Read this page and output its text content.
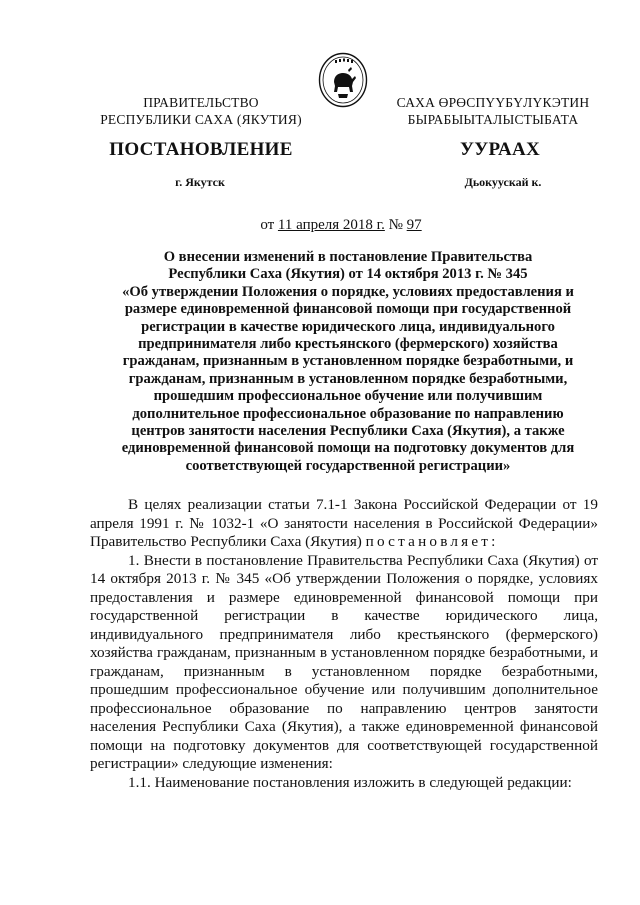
ПРАВИТЕЛЬСТВО
РЕСПУБЛИКИ САХА (ЯКУТИЯ)
САХА ӨРӨСПҮҮБҮЛҮКЭТИН
БЫРАБЫЫТАЛЫСТЫБАТА
ПОСТАНОВЛЕНИЕ	УУРААХ
г. Якутск	Дьокуускай к.
от 11 апреля 2018 г. № 97
О внесении изменений в постановление Правительства
Республики Саха (Якутия) от 14 октября 2013 г. № 345
«Об утверждении Положения о порядке, условиях предоставления и
размере единовременной финансовой помощи при государственной
регистрации в качестве юридического лица, индивидуального
предпринимателя либо крестьянского (фермерского) хозяйства
гражданам, признанным в установленном порядке безработными, и
гражданам, признанным в установленном порядке безработными,
прошедшим профессиональное обучение или получившим
дополнительное профессиональное образование по направлению
центров занятости населения Республики Саха (Якутия), а также
единовременной финансовой помощи на подготовку документов для
соответствующей государственной регистрации»

В целях реализации статьи 7.1-1 Закона Российской Федерации от 19 апреля 1991 г. № 1032-1 «О занятости населения в Российской Федерации» Правительство Республики Саха (Якутия) постановляет:

1. Внести в постановление Правительства Республики Саха (Якутия) от 14 октября 2013 г. № 345 «Об утверждении Положения о порядке, условиях предоставления и размере единовременной финансовой помощи при государственной регистрации в качестве юридического лица, индивидуального предпринимателя либо крестьянского (фермерского) хозяйства гражданам, признанным в установленном порядке безработными, и гражданам, признанным в установленном порядке безработными, прошедшим профессиональное обучение или получившим дополнительное профессиональное образование по направлению центров занятости населения Республики Саха (Якутия), а также единовременной финансовой помощи на подготовку документов для соответствующей государственной регистрации» следующие изменения:

1.1. Наименование постановления изложить в следующей редакции:
